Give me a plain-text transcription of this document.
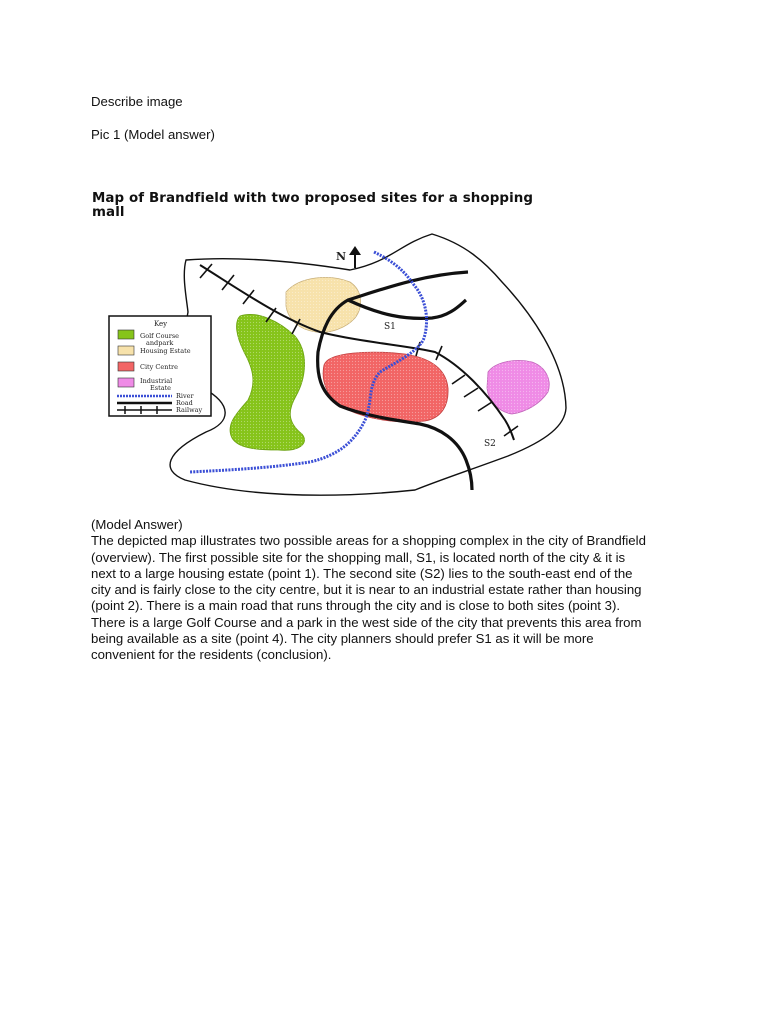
Describe image
Pic 1 (Model answer)
Map of Brandfield with two proposed sites for a shopping
mall
N
S1
S2
Key
Golf Course
andpark
Housing Estate
City Centre
Industrial
Estate
River
Road
Railway
(Model Answer)
The depicted map illustrates two possible areas for a shopping complex in the city of Brandfield
(overview). The first possible site for the shopping mall, S1, is located north of the city & it is
next to a large housing estate (point 1). The second site (S2) lies to the south-east end of the
city and is fairly close to the city centre, but it is near to an industrial estate rather than housing
(point 2). There is a main road that runs through the city and is close to both sites (point 3).
There is a large Golf Course and a park in the west side of the city that prevents this area from
being available as a site (point 4). The city planners should prefer S1 as it will be more
convenient for the residents (conclusion).
